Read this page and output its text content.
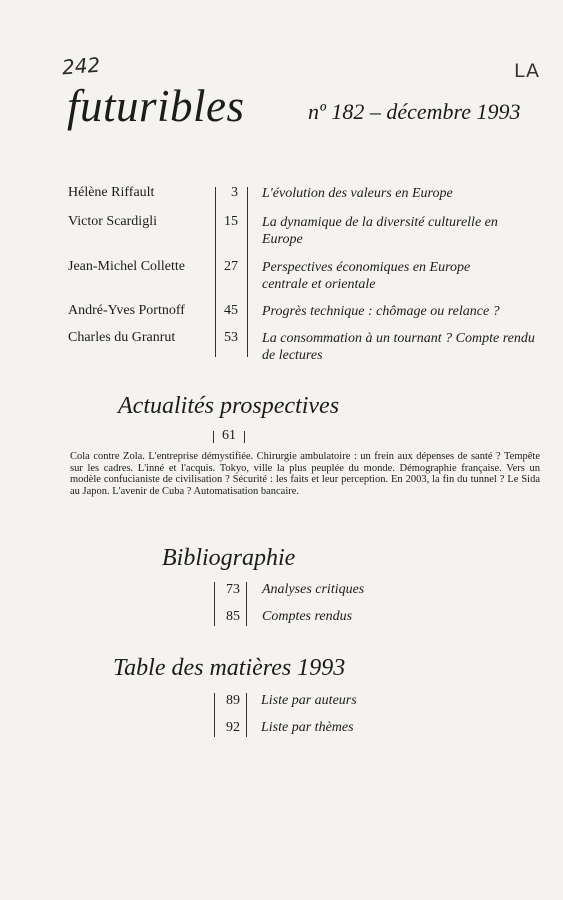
242	LA
futuribles	nº 182 – décembre 1993
Hélène Riffault	3 L'évolution des valeurs en Europe
Victor Scardigli	15 La dynamique de la diversité culturelle en Europe
Jean-Michel Collette	27 Perspectives économiques en Europe centrale et orientale
André-Yves Portnoff	45 Progrès technique : chômage ou relance ?
Charles du Granrut	53 La consommation à un tournant ? Compte rendu de lectures
Actualités prospectives
61
Cola contre Zola. L'entreprise démystifiée. Chirurgie ambulatoire : un frein aux dépenses de santé ? Tempête sur les cadres. L'inné et l'acquis. Tokyo, ville la plus peuplée du monde. Démographie française. Vers un modèle confucianiste de civilisation ? Sécurité : les faits et leur perception. En 2003, la fin du tunnel ? Le Sida au Japon. L'avenir de Cuba ? Automatisation bancaire.
Bibliographie
73 Analyses critiques
85 Comptes rendus
Table des matières 1993
89 Liste par auteurs
92 Liste par thèmes
